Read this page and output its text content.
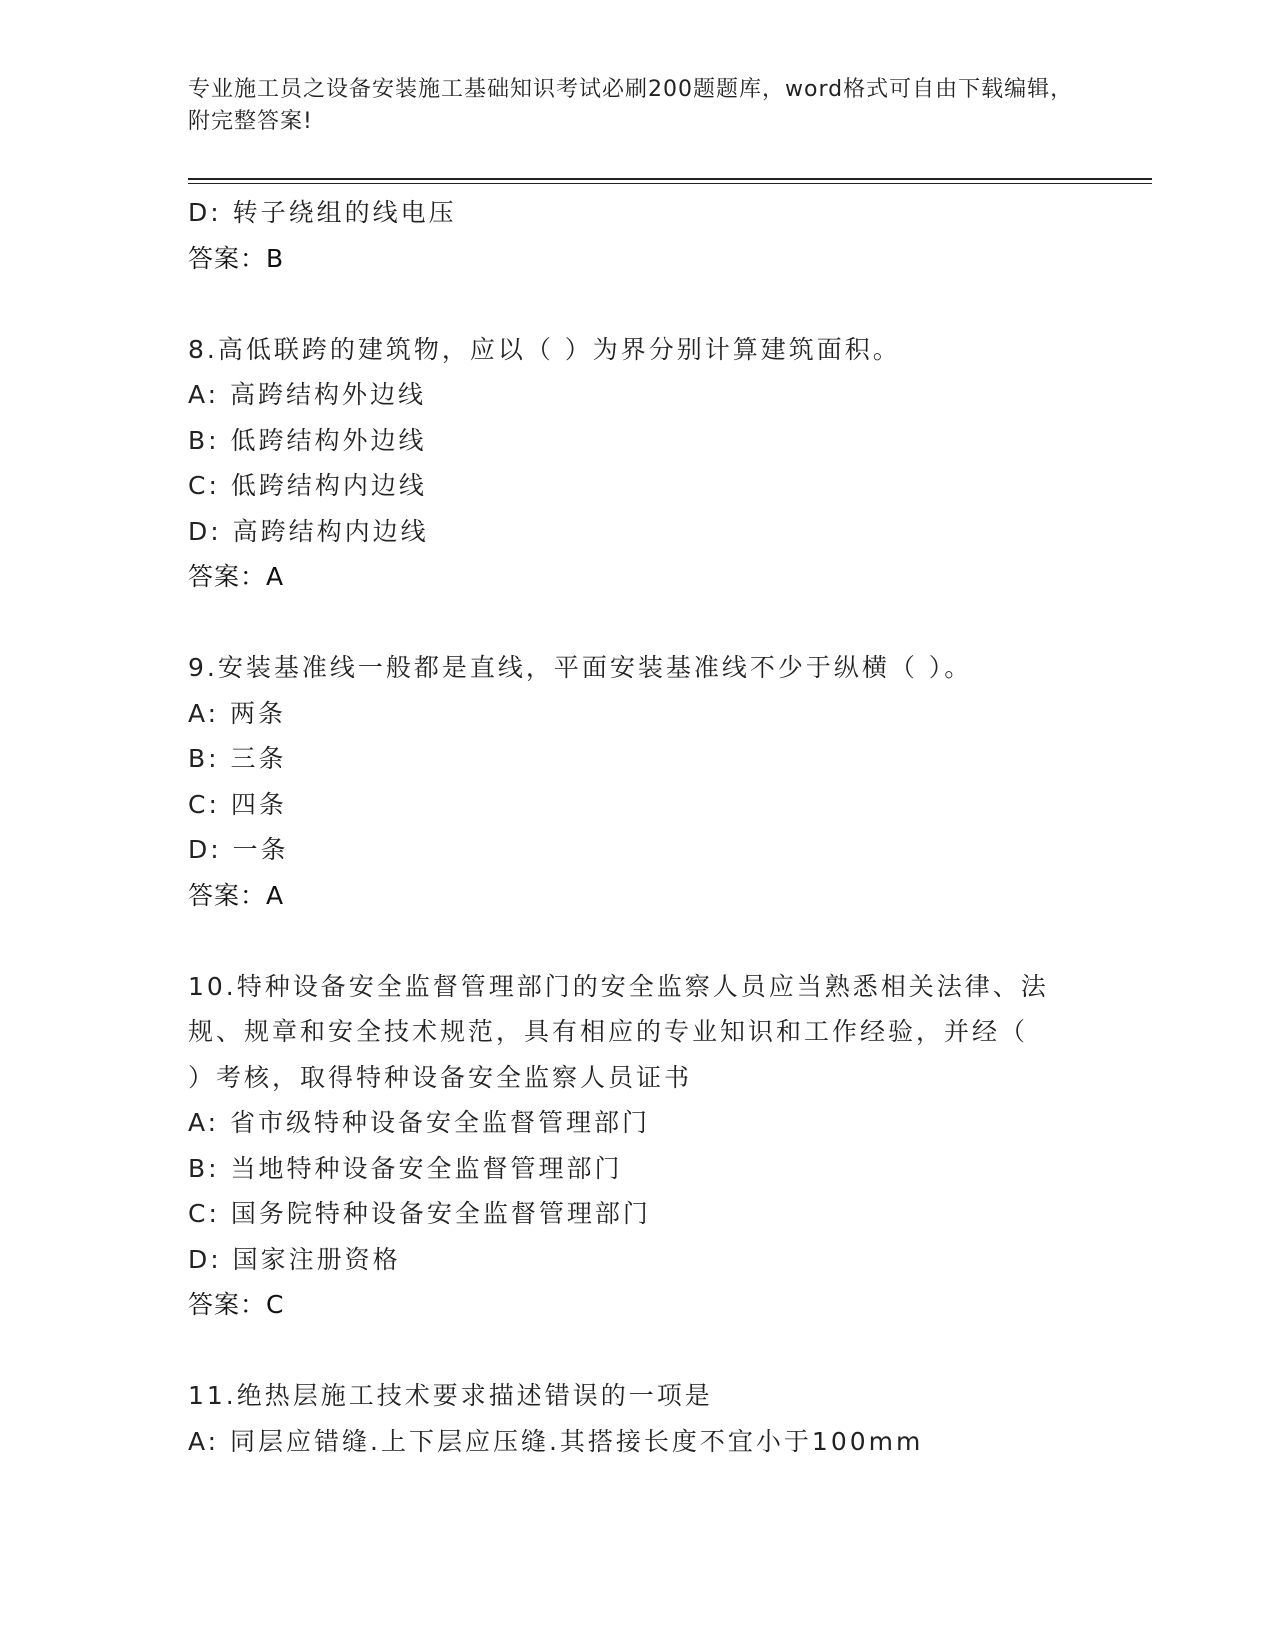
专业施工员之设备安装施工基础知识考试必刷200题题库，word格式可自由下载编辑，附完整答案!
D: 转子绕组的线电压
答案：B
8.高低联跨的建筑物，应以（ ）为界分别计算建筑面积。
A: 高跨结构外边线
B: 低跨结构外边线
C: 低跨结构内边线
D: 高跨结构内边线
答案：A
9.安装基准线一般都是直线，平面安装基准线不少于纵横（ ）。
A: 两条
B: 三条
C: 四条
D: 一条
答案：A
10.特种设备安全监督管理部门的安全监察人员应当熟悉相关法律、法
规、规章和安全技术规范，具有相应的专业知识和工作经验，并经（
）考核，取得特种设备安全监察人员证书
A: 省市级特种设备安全监督管理部门
B: 当地特种设备安全监督管理部门
C: 国务院特种设备安全监督管理部门
D: 国家注册资格
答案：C
11.绝热层施工技术要求描述错误的一项是
A: 同层应错缝.上下层应压缝.其搭接长度不宜小于100mm
